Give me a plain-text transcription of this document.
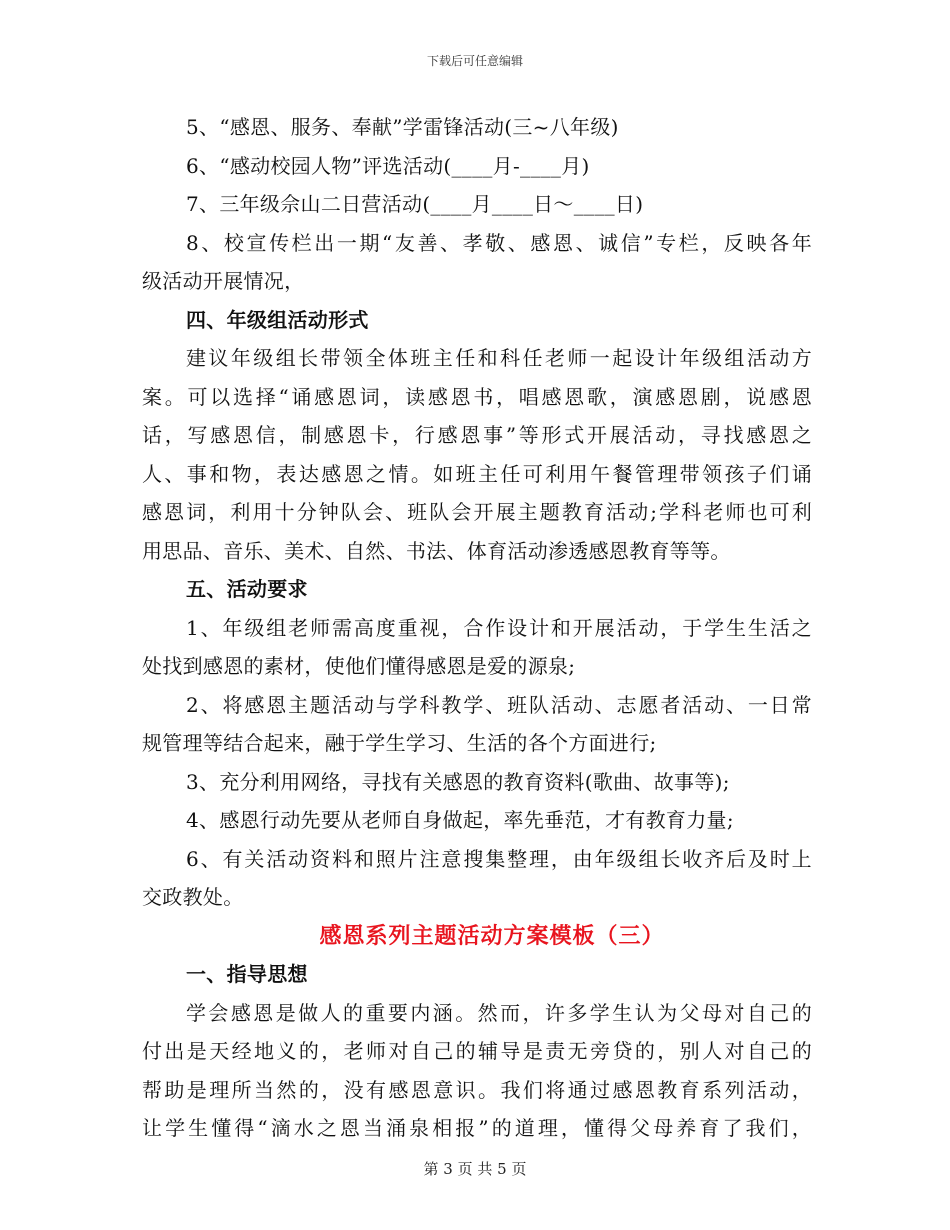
下载后可任意编辑
5、“感恩、服务、奉献”学雷锋活动(三~八年级)
6、“感动校园人物”评选活动(____月-____月)
7、三年级佘山二日营活动(____月____日～____日)
8、校宣传栏出一期“友善、孝敬、感恩、诚信”专栏，反映各年
级活动开展情况，
四、年级组活动形式
建议年级组长带领全体班主任和科任老师一起设计年级组活动方
案。可以选择“诵感恩词，读感恩书，唱感恩歌，演感恩剧，说感恩
话，写感恩信，制感恩卡，行感恩事”等形式开展活动，寻找感恩之
人、事和物，表达感恩之情。如班主任可利用午餐管理带领孩子们诵
感恩词，利用十分钟队会、班队会开展主题教育活动;学科老师也可利
用思品、音乐、美术、自然、书法、体育活动渗透感恩教育等等。
五、活动要求
1、年级组老师需高度重视，合作设计和开展活动，于学生生活之
处找到感恩的素材，使他们懂得感恩是爱的源泉;
2、将感恩主题活动与学科教学、班队活动、志愿者活动、一日常
规管理等结合起来，融于学生学习、生活的各个方面进行;
3、充分利用网络，寻找有关感恩的教育资料(歌曲、故事等);
4、感恩行动先要从老师自身做起，率先垂范，才有教育力量;
6、有关活动资料和照片注意搜集整理，由年级组长收齐后及时上
交政教处。
感恩系列主题活动方案模板（三）
一、指导思想
学会感恩是做人的重要内涵。然而，许多学生认为父母对自己的
付出是天经地义的，老师对自己的辅导是责无旁贷的，别人对自己的
帮助是理所当然的，没有感恩意识。我们将通过感恩教育系列活动，
让学生懂得“滴水之恩当涌泉相报”的道理，懂得父母养育了我们，
第 3 页 共 5 页
